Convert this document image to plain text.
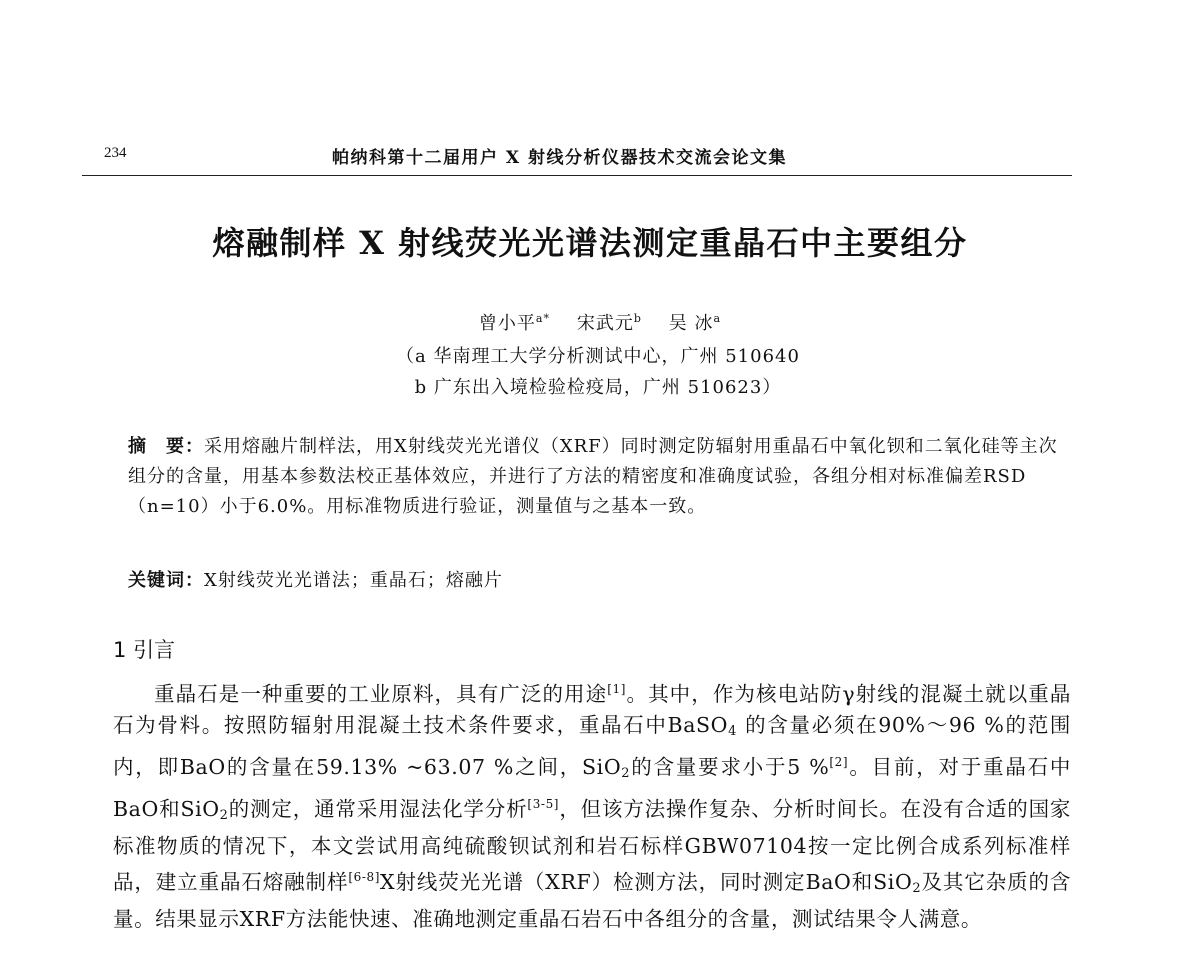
234	帕纳科第十二届用户 X 射线分析仪器技术交流会论文集
熔融制样 X 射线荧光光谱法测定重晶石中主要组分
曾小平$^{a*}$ 宋武元$^b$ 吴 冰$^a$
（a 华南理工大学分析测试中心，广州 510640
b 广东出入境检验检疫局，广州 510623）
摘　要：采用熔融片制样法，用X射线荧光光谱仪（XRF）同时测定防辐射用重晶石中氧化钡和二氧化硅等主次组分的含量，用基本参数法校正基体效应，并进行了方法的精密度和准确度试验，各组分相对标准偏差RSD（n=10）小于6.0%。用标准物质进行验证，测量值与之基本一致。
关键词：X射线荧光光谱法；重晶石；熔融片
1 引言
重晶石是一种重要的工业原料，具有广泛的用途[1]。其中，作为核电站防γ射线的混凝土就以重晶石为骨料。按照防辐射用混凝土技术条件要求，重晶石中BaSO$_4$ 的含量必须在90%～96 %的范围内，即BaO的含量在59.13% ~63.07 %之间，SiO$_2$的含量要求小于5 %[2]。目前，对于重晶石中BaO和SiO$_2$的测定，通常采用湿法化学分析[3-5]，但该方法操作复杂、分析时间长。在没有合适的国家标准物质的情况下，本文尝试用高纯硫酸钡试剂和岩石标样GBW07104按一定比例合成系列标准样品，建立重晶石熔融制样[6-8]X射线荧光光谱（XRF）检测方法，同时测定BaO和SiO$_2$及其它杂质的含量。结果显示XRF方法能快速、准确地测定重晶石岩石中各组分的含量，测试结果令人满意。
